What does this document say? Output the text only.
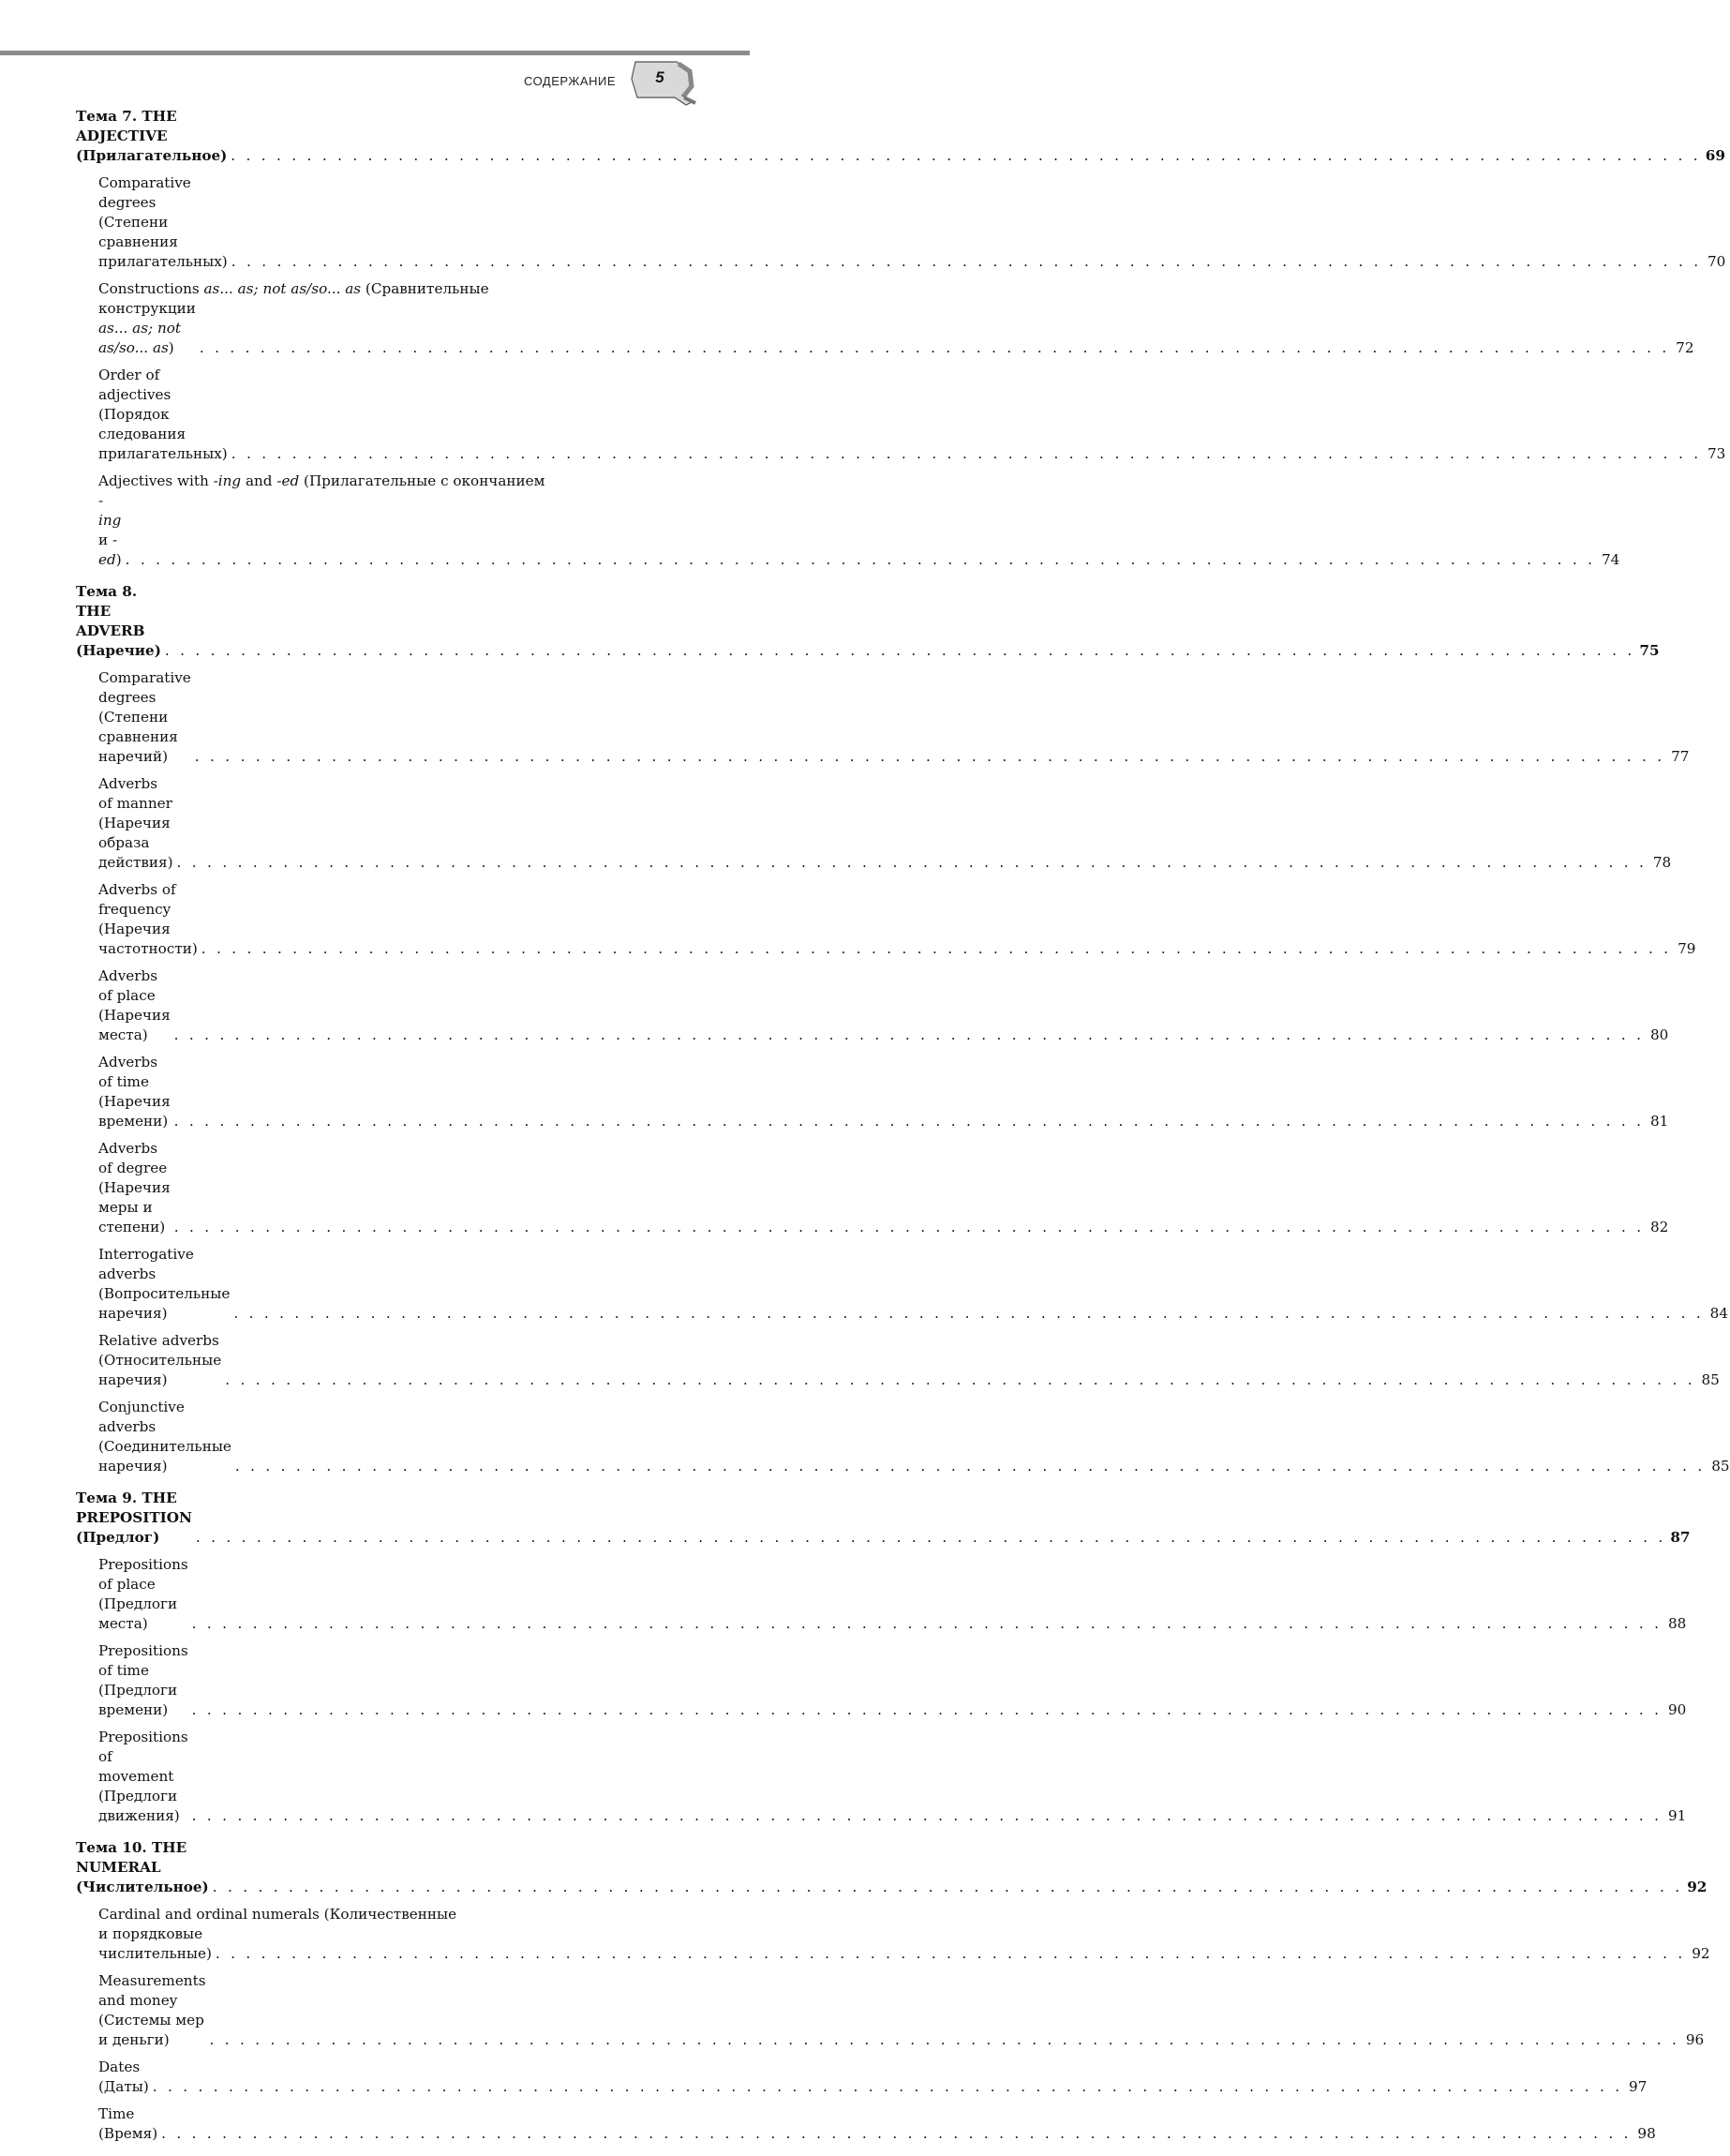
СОДЕРЖАНИЕ 5
Тема 7. THE ADJECTIVE (Прилагательное) . . .	69
Comparative degrees (Степени сравнения прилагательных) . . .	70
Constructions as... as; not as/so... as (Сравнительные
конструкции as... as; not as/so... as) . . .	72
Order of adjectives (Порядок следования прилагательных) . . .	73
Adjectives with -ing and -ed (Прилагательные с окончанием
-ing и -ed) . . .	74
Тема 8. THE ADVERB (Наречие) . . .	75
Comparative degrees (Степени сравнения наречий) . . .	77
Adverbs of manner (Наречия образа действия) . . .	78
Adverbs of frequency (Наречия частотности) . . .	79
Adverbs of place (Наречия места) . . .	80
Adverbs of time (Наречия времени) . . .	81
Adverbs of degree (Наречия меры и степени) . . .	82
Interrogative adverbs (Вопросительные наречия) . . .	84
Relative adverbs (Относительные наречия) . . .	85
Conjunctive adverbs (Соединительные наречия) . . .	85
Тема 9. THE PREPOSITION (Предлог) . . .	87
Prepositions of place (Предлоги места) . . .	88
Prepositions of time (Предлоги времени) . . .	90
Prepositions of movement (Предлоги движения) . . .	91
Тема 10. THE NUMERAL (Числительное) . . .	92
Cardinal and ordinal numerals (Количественные
и порядковые числительные) . . .	92
Measurements and money (Системы мер и деньги) . . .	96
Dates (Даты) . . .	97
Time (Время) . . .	98
